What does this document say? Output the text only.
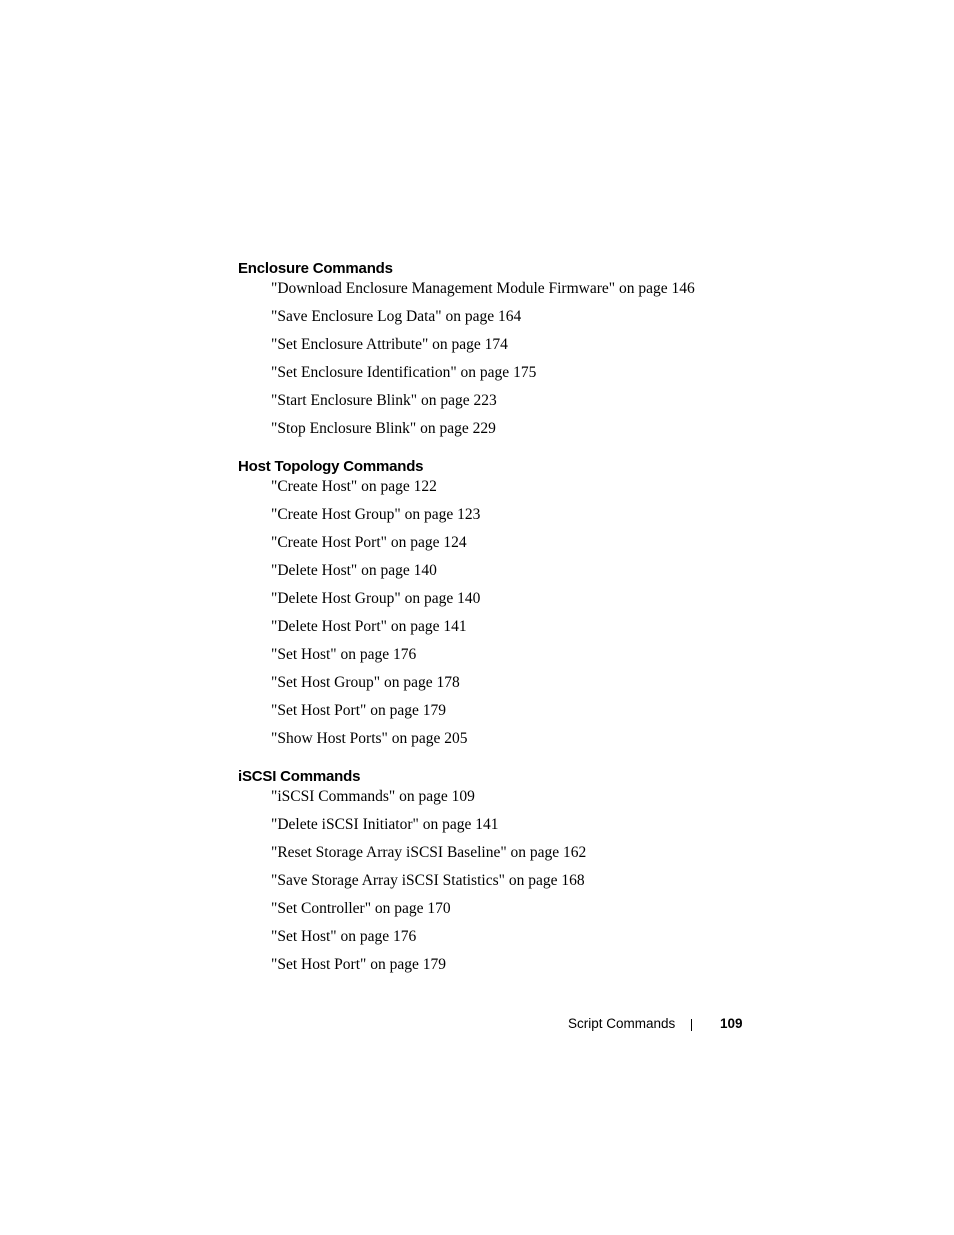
Enclosure Commands
"Download Enclosure Management Module Firmware" on page 146
"Save Enclosure Log Data" on page 164
"Set Enclosure Attribute" on page 174
"Set Enclosure Identification" on page 175
"Start Enclosure Blink" on page 223
"Stop Enclosure Blink" on page 229
Host Topology Commands
"Create Host" on page 122
"Create Host Group" on page 123
"Create Host Port" on page 124
"Delete Host" on page 140
"Delete Host Group" on page 140
"Delete Host Port" on page 141
"Set Host" on page 176
"Set Host Group" on page 178
"Set Host Port" on page 179
"Show Host Ports" on page 205
iSCSI Commands
"iSCSI Commands" on page 109
"Delete iSCSI Initiator" on page 141
"Reset Storage Array iSCSI Baseline" on page 162
"Save Storage Array iSCSI Statistics" on page 168
"Set Controller" on page 170
"Set Host" on page 176
"Set Host Port" on page 179
Script Commands	109
